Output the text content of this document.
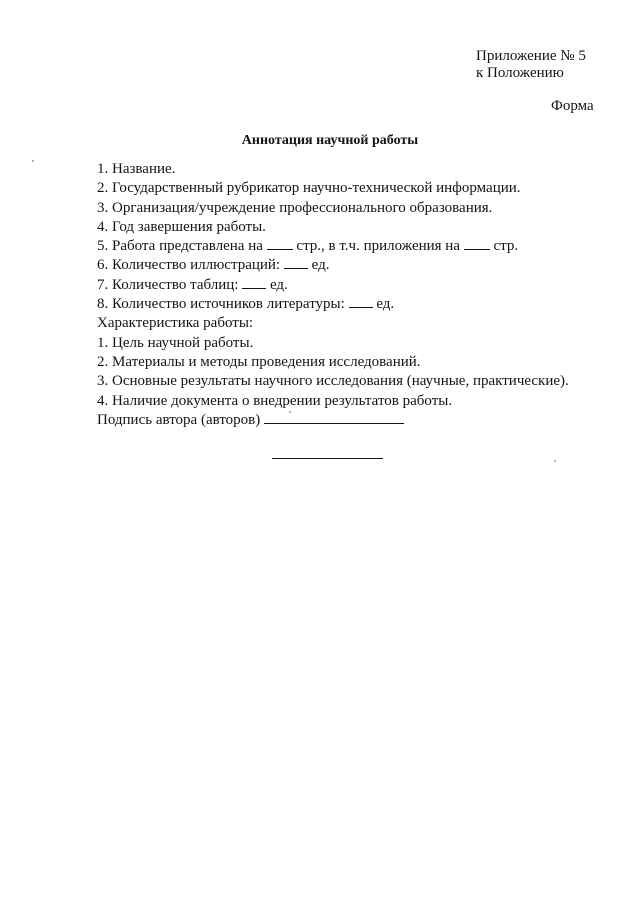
Приложение № 5
к Положению
Форма
Аннотация научной работы
1. Название.
2. Государственный рубрикатор научно-технической информации.
3. Организация/учреждение профессионального образования.
4. Год завершения работы.
5. Работа представлена на стр., в т.ч. приложения на стр.
6. Количество иллюстраций: ед.
7. Количество таблиц: ед.
8. Количество источников литературы: ед.
Характеристика работы:
1. Цель научной работы.
2. Материалы и методы проведения исследований.
3. Основные результаты научного исследования (научные, практические).
4. Наличие документа о внедрении результатов работы.
Подпись автора (авторов)
